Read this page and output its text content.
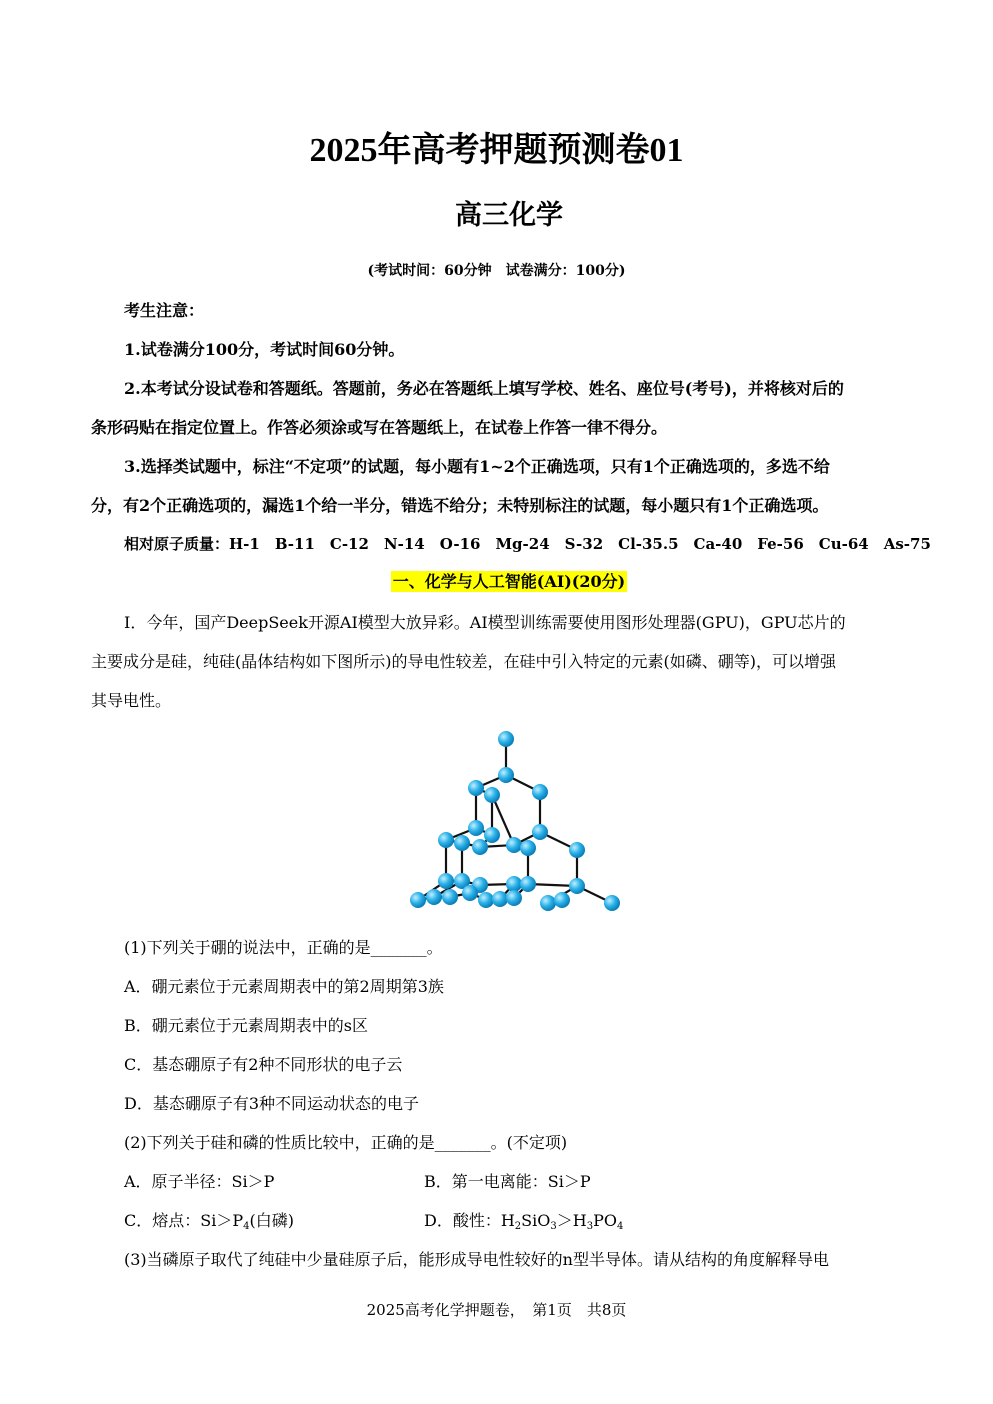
2025年高考押题预测卷01
高三化学
(考试时间：60分钟　试卷满分：100分)
考生注意：
1.试卷满分100分，考试时间60分钟。
2.本考试分设试卷和答题纸。答题前，务必在答题纸上填写学校、姓名、座位号(考号)，并将核对后的
条形码贴在指定位置上。作答必须涂或写在答题纸上，在试卷上作答一律不得分。
3.选择类试题中，标注“不定项”的试题，每小题有1~2个正确选项，只有1个正确选项的，多选不给
分，有2个正确选项的，漏选1个给一半分，错选不给分；未特别标注的试题，每小题只有1个正确选项。
相对原子质量：H-1　B-11　C-12　N-14　O-16　Mg-24　S-32　Cl-35.5　Ca-40　Fe-56　Cu-64　As-75
一、化学与人工智能(AI)(20分)
I．今年，国产DeepSeek开源AI模型大放异彩。AI模型训练需要使用图形处理器(GPU)，GPU芯片的
主要成分是硅，纯硅(晶体结构如下图所示)的导电性较差，在硅中引入特定的元素(如磷、硼等)，可以增强
其导电性。
(1)下列关于硼的说法中，正确的是_______。
A．硼元素位于元素周期表中的第2周期第3族
B．硼元素位于元素周期表中的s区
C．基态硼原子有2种不同形状的电子云
D．基态硼原子有3种不同运动状态的电子
(2)下列关于硅和磷的性质比较中，正确的是_______。(不定项)
A．原子半径：Si＞P	B．第一电离能：Si＞P
C．熔点：$Si>P_4$(白磷)	D．酸性：$H_2SiO_3>H_3PO_4$
(3)当磷原子取代了纯硅中少量硅原子后，能形成导电性较好的n型半导体。请从结构的角度解释导电
2025高考化学押题卷，　第1页　共8页
